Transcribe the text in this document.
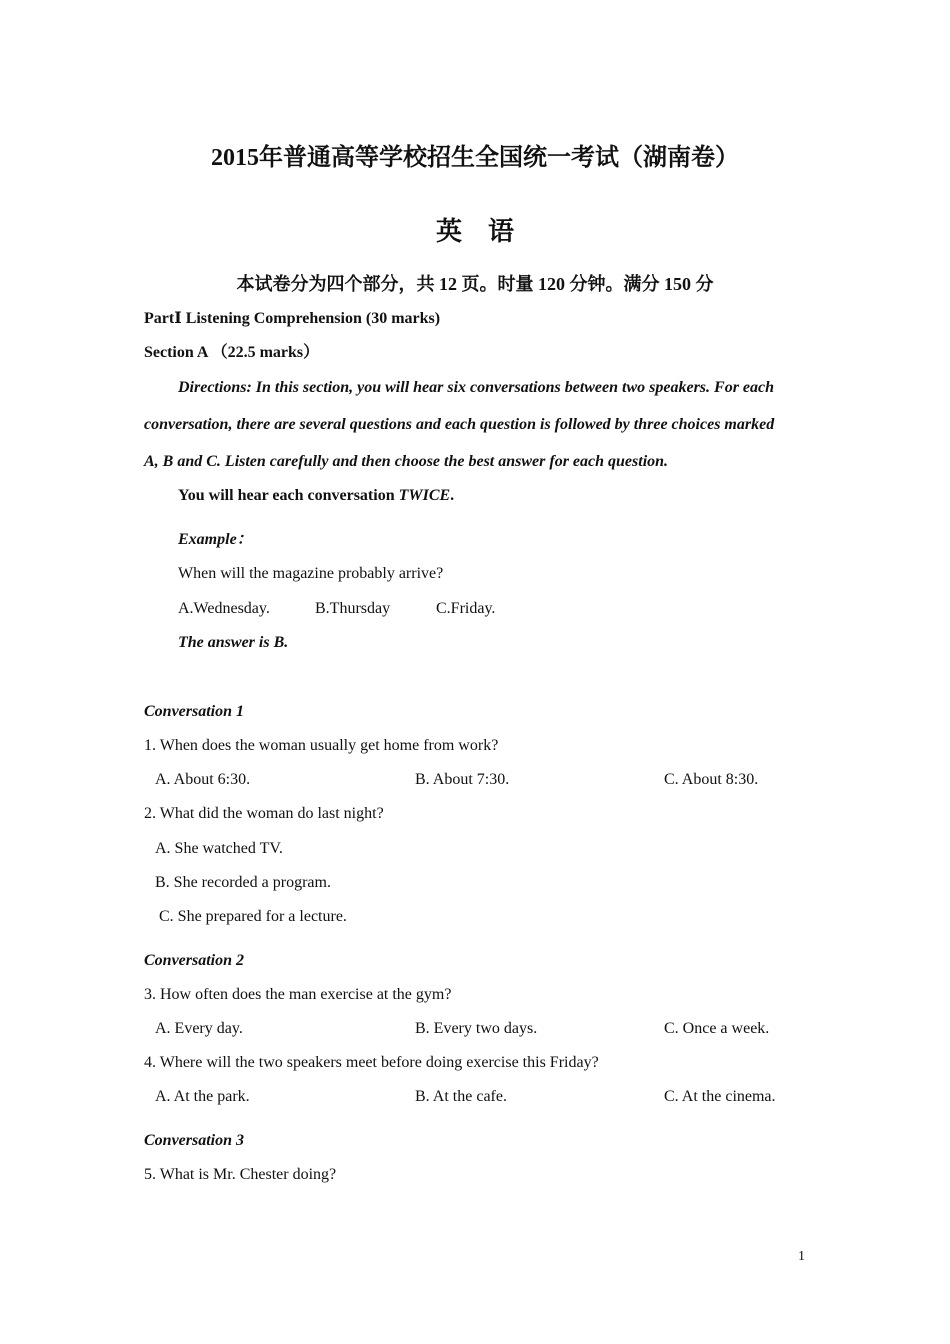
2015年普通高等学校招生全国统一考试（湖南卷）
英　语
本试卷分为四个部分，共 12 页。时量 120 分钟。满分 150 分
PartⅠ Listening Comprehension (30 marks)
Section A （22.5 marks）
Directions: In this section, you will hear six conversations between two speakers. For each
conversation, there are several questions and each question is followed by three choices marked
A, B and C. Listen carefully and then choose the best answer for each question.
You will hear each conversation TWICE.
Example：
When will the magazine probably arrive?
A.Wednesday.	B.Thursday	C.Friday.
The answer is B.
Conversation 1
1. When does the woman usually get home from work?
A. About 6:30.	B. About 7:30.	C. About 8:30.
2. What did the woman do last night?
A. She watched TV.
B. She recorded a program.
C. She prepared for a lecture.
Conversation 2
3. How often does the man exercise at the gym?
A. Every day.	B. Every two days.	C. Once a week.
4. Where will the two speakers meet before doing exercise this Friday?
A. At the park.	B. At the cafe.	C. At the cinema.
Conversation 3
5. What is Mr. Chester doing?
1
